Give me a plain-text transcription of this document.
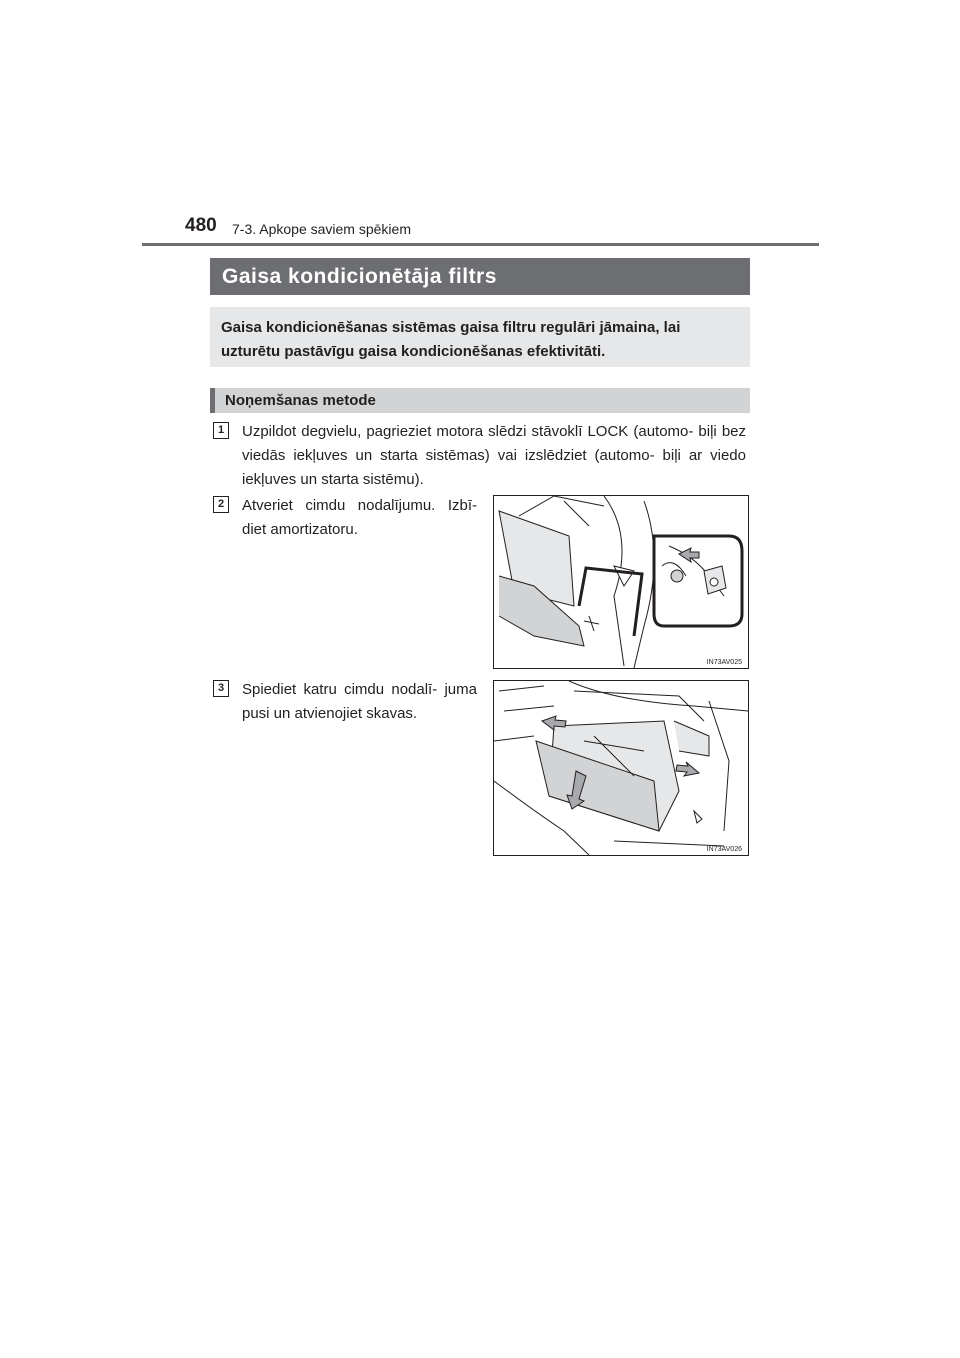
480 7-3. Apkope saviem spēkiem
Gaisa kondicionētāja filtrs
Gaisa kondicionēšanas sistēmas gaisa filtru regulāri jāmaina, lai uzturētu pastāvīgu gaisa kondicionēšanas efektivitāti.
Noņemšanas metode
1	Uzpildot degvielu, pagrieziet motora slēdzi stāvoklī LOCK (automo- biļi bez viedās iekļuves un starta sistēmas) vai izslēdziet (automo- biļi ar viedo iekļuves un starta sistēmu).
2	Atveriet cimdu nodalījumu. Izbī- diet amortizatoru.
IN73AV025
3	Spiediet katru cimdu nodalī- juma pusi un atvienojiet skavas.
IN73AV026
